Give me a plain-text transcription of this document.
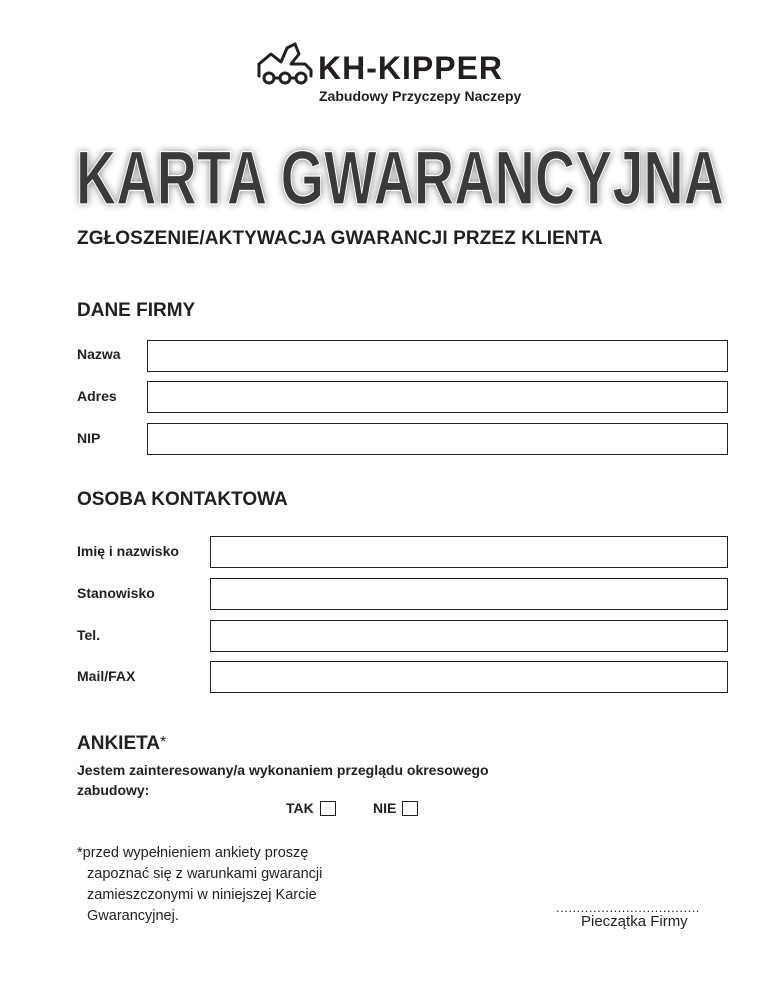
KH-KIPPER
Zabudowy Przyczepy Naczepy
KARTA GWARANCYJNA
KARTA GWARANCYJNA
ZGŁOSZENIE/AKTYWACJA GWARANCJI PRZEZ KLIENTA
DANE FIRMY
Nazwa
Adres
NIP
OSOBA KONTAKTOWA
Imię i nazwisko
Stanowisko
Tel.
Mail/FAX
ANKIETA*
Jestem zainteresowany/a wykonaniem przeglądu okresowego zabudowy:
TAK	NIE
*przed wypełnieniem ankiety proszę
zapoznać się z warunkami gwarancji zamieszczonymi w niniejszej Karcie Gwarancyjnej.
...................................
Pieczątka Firmy
